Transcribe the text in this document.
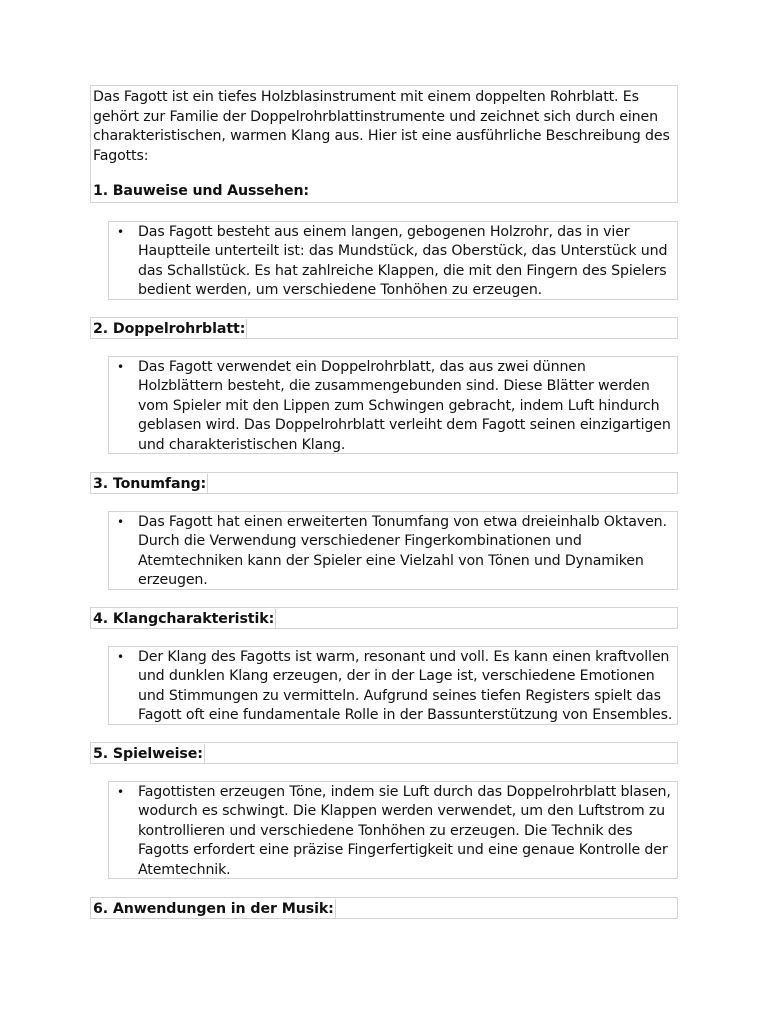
Das Fagott ist ein tiefes Holzblasinstrument mit einem doppelten Rohrblatt. Es gehört zur Familie der Doppelrohrblattinstrumente und zeichnet sich durch einen charakteristischen, warmen Klang aus. Hier ist eine ausführliche Beschreibung des Fagotts:

1. Bauweise und Aussehen:
• Das Fagott besteht aus einem langen, gebogenen Holzrohr, das in vier Hauptteile unterteilt ist: das Mundstück, das Oberstück, das Unterstück und das Schallstück. Es hat zahlreiche Klappen, die mit den Fingern des Spielers bedient werden, um verschiedene Tonhöhen zu erzeugen.
2. Doppelrohrblatt:
• Das Fagott verwendet ein Doppelrohrblatt, das aus zwei dünnen Holzblättern besteht, die zusammengebunden sind. Diese Blätter werden vom Spieler mit den Lippen zum Schwingen gebracht, indem Luft hindurch geblasen wird. Das Doppelrohrblatt verleiht dem Fagott seinen einzigartigen und charakteristischen Klang.
3. Tonumfang:
• Das Fagott hat einen erweiterten Tonumfang von etwa dreieinhalb Oktaven. Durch die Verwendung verschiedener Fingerkombinationen und Atemtechniken kann der Spieler eine Vielzahl von Tönen und Dynamiken erzeugen.
4. Klangcharakteristik:
• Der Klang des Fagotts ist warm, resonant und voll. Es kann einen kraftvollen und dunklen Klang erzeugen, der in der Lage ist, verschiedene Emotionen und Stimmungen zu vermitteln. Aufgrund seines tiefen Registers spielt das Fagott oft eine fundamentale Rolle in der Bassunterstützung von Ensembles.
5. Spielweise:
• Fagottisten erzeugen Töne, indem sie Luft durch das Doppelrohrblatt blasen, wodurch es schwingt. Die Klappen werden verwendet, um den Luftstrom zu kontrollieren und verschiedene Tonhöhen zu erzeugen. Die Technik des Fagotts erfordert eine präzise Fingerfertigkeit und eine genaue Kontrolle der Atemtechnik.
6. Anwendungen in der Musik:
